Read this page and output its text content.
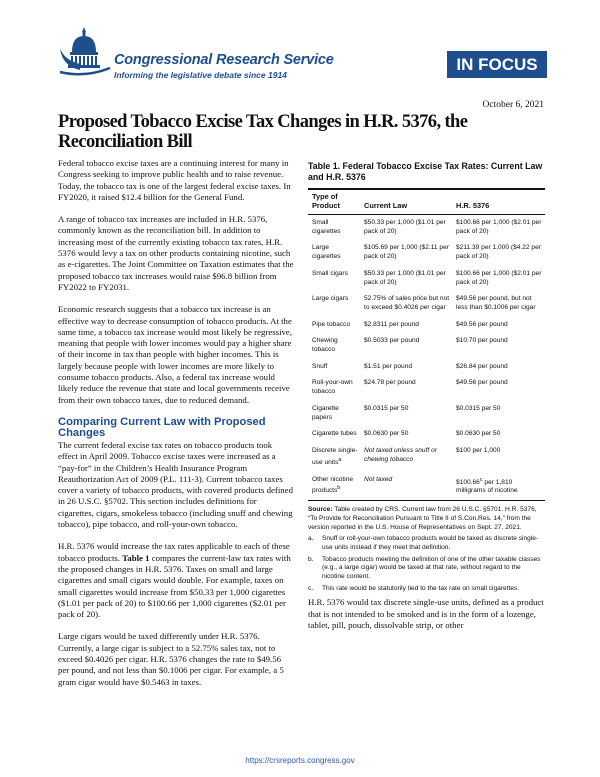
Congressional Research Service
Informing the legislative debate since 1914
IN FOCUS
October 6, 2021
Proposed Tobacco Excise Tax Changes in H.R. 5376, the Reconciliation Bill

Federal tobacco excise taxes are a continuing interest for many in Congress seeking to improve public health and to raise revenue. Today, the tobacco tax is one of the largest federal excise taxes. In FY2020, it raised $12.4 billion for the General Fund.

A range of tobacco tax increases are included in H.R. 5376, commonly known as the reconciliation bill. In addition to increasing most of the currently existing tobacco tax rates, H.R. 5376 would levy a tax on other products containing nicotine, such as e-cigarettes. The Joint Committee on Taxation estimates that the proposed tobacco tax increases would raise $96.8 billion from FY2022 to FY2031.

Economic research suggests that a tobacco tax increase is an effective way to decrease consumption of tobacco products. At the same time, a tobacco tax increase would most likely be regressive, meaning that people with lower incomes would pay a higher share of their income in tax than people with higher incomes. This is largely because people with lower incomes are more likely to consume tobacco products. Also, a federal tax increase would likely reduce the revenue that state and local governments receive from their own tobacco taxes, due to reduced demand.

Comparing Current Law with Proposed Changes

The current federal excise tax rates on tobacco products took effect in April 2009. Tobacco excise taxes were increased as a “pay-for” in the Children’s Health Insurance Program Reauthorization Act of 2009 (P.L. 111-3). Current tobacco taxes cover a variety of tobacco products, with covered products defined in 26 U.S.C. §5702. This section includes definitions for cigarettes, cigars, smokeless tobacco (including snuff and chewing tobacco), pipe tobacco, and roll-your-own tobacco.

H.R. 5376 would increase the tax rates applicable to each of these tobacco products. Table 1 compares the current-law tax rates with the proposed changes in H.R. 5376. Taxes on small and large cigarettes and small cigars would double. For example, taxes on small cigarettes would increase from $50.33 per 1,000 cigarettes ($1.01 per pack of 20) to $100.66 per 1,000 cigarettes ($2.01 per pack of 20).

Large cigars would be taxed differently under H.R. 5376. Currently, a large cigar is subject to a 52.75% sales tax, not to exceed $0.4026 per cigar. H.R. 5376 changes the rate to $49.56 per pound, and not less than $0.1006 per cigar. For example, a 5 gram cigar would have $0.5463 in taxes.

Table 1. Federal Tobacco Excise Tax Rates: Current Law and H.R. 5376
Type of Product	Current Law	H.R. 5376
Small cigarettes	$50.33 per 1,000 ($1.01 per pack of 20)	$100.66 per 1,000 ($2.01 per pack of 20)
Large cigarettes	$105.69 per 1,000 ($2.11 per pack of 20)	$211.39 per 1,000 ($4.22 per pack of 20)
Small cigars	$50.33 per 1,000 ($1.01 per pack of 20)	$100.66 per 1,000 ($2.01 per pack of 20)
Large cigars	52.75% of sales price but not to exceed $0.4026 per cigar	$49.56 per pound, but not less than $0.1006 per cigar
Pipe tobacco	$2.8311 per pound	$49.56 per pound
Chewing tobacco	$0.5033 per pound	$10.70 per pound
Snuff	$1.51 per pound	$26.84 per pound
Roll-your-own tobacco	$24.78 per pound	$49.56 per pound
Cigarette papers	$0.0315 per 50	$0.0315 per 50
Cigarette tubes	$0.0630 per 50	$0.0630 per 50
Discrete single-use units$^a$	Not taxed unless snuff or chewing tobacco	$100 per 1,000
Other nicotine products$^b$	Not taxed	$100.66$^c$ per 1,810 milligrams of nicotine
Source: Table created by CRS. Current law from 26 U.S.C. §5701. H.R. 5376, “To Provide for Reconciliation Pursuant to Title II of S.Con.Res. 14,” from the version reported in the U.S. House of Representatives on Sept. 27, 2021.
a. Snuff or roll-your-own tobacco products would be taxed as discrete single-use units instead if they meet that definition.
b. Tobacco products meeting the definition of one of the other taxable classes (e.g., a large cigar) would be taxed at that rate, without regard to the nicotine content.
c. This rate would be statutorily tied to the tax rate on small cigarettes.

H.R. 5376 would tax discrete single-use units, defined as a product that is not intended to be smoked and is in the form of a lozenge, tablet, pill, pouch, dissolvable strip, or other

https://crsreports.congress.gov
